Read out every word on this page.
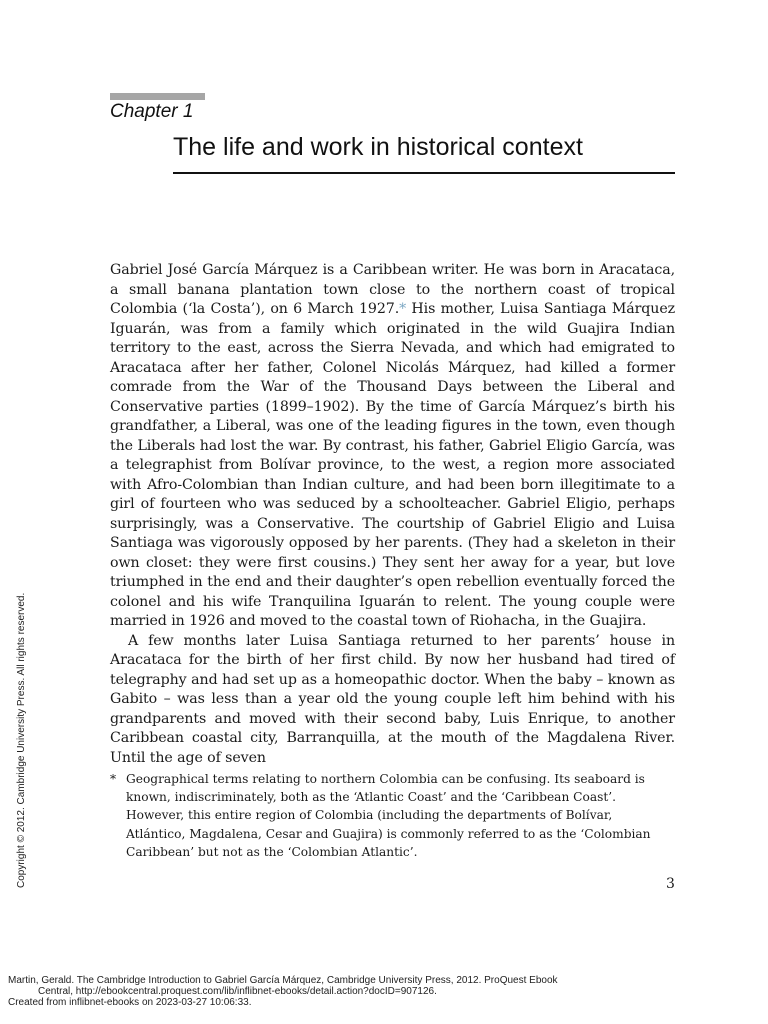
Chapter 1
The life and work in historical context

Gabriel José García Márquez is a Caribbean writer. He was born in Aracataca, a small banana plantation town close to the northern coast of tropical Colombia (‘la Costa’), on 6 March 1927.* His mother, Luisa Santiaga Márquez Iguarán, was from a family which originated in the wild Guajira Indian territory to the east, across the Sierra Nevada, and which had emigrated to Aracataca after her father, Colonel Nicolás Márquez, had killed a former comrade from the War of the Thousand Days between the Liberal and Conservative parties (1899–1902). By the time of García Márquez’s birth his grandfather, a Liberal, was one of the leading figures in the town, even though the Liberals had lost the war. By contrast, his father, Gabriel Eligio García, was a telegraphist from Bolívar province, to the west, a region more associated with Afro-Colombian than Indian culture, and had been born illegitimate to a girl of fourteen who was seduced by a schoolteacher. Gabriel Eligio, perhaps surprisingly, was a Conservative. The courtship of Gabriel Eligio and Luisa Santiaga was vigorously opposed by her parents. (They had a skeleton in their own closet: they were first cousins.) They sent her away for a year, but love triumphed in the end and their daughter’s open rebellion eventually forced the colonel and his wife Tranquilina Iguarán to relent. The young couple were married in 1926 and moved to the coastal town of Riohacha, in the Guajira.

A few months later Luisa Santiaga returned to her parents’ house in Aracataca for the birth of her first child. By now her husband had tired of telegraphy and had set up as a homeopathic doctor. When the baby – known as Gabito – was less than a year old the young couple left him behind with his grandparents and moved with their second baby, Luis Enrique, to another Caribbean coastal city, Barranquilla, at the mouth of the Magdalena River. Until the age of seven

* Geographical terms relating to northern Colombia can be confusing. Its seaboard is known, indiscriminately, both as the ‘Atlantic Coast’ and the ‘Caribbean Coast’. However, this entire region of Colombia (including the departments of Bolívar, Atlántico, Magdalena, Cesar and Guajira) is commonly referred to as the ‘Colombian Caribbean’ but not as the ‘Colombian Atlantic’.
3
Copyright © 2012. Cambridge University Press. All rights reserved.
Martin, Gerald. The Cambridge Introduction to Gabriel García Márquez, Cambridge University Press, 2012. ProQuest Ebook
Central, http://ebookcentral.proquest.com/lib/inflibnet-ebooks/detail.action?docID=907126.
Created from inflibnet-ebooks on 2023-03-27 10:06:33.
